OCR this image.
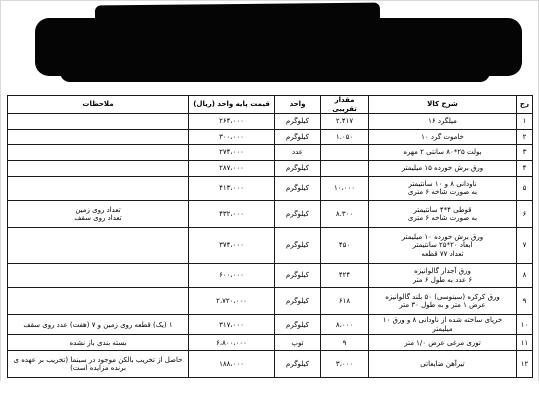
رج	شرح کالا	مقدار تقریبی	واحد	قیمت پایه واحد (ریال)	ملاحظات
۱	میلگرد ۱۶	۲.۴۱۷	کیلوگرم	۲۶۴،۰۰۰	
۲	خاموت گرد ۱۰	۱.۰۵۰	کیلوگرم	۳۰۰،۰۰۰	
۳	بولت ۲۵*۸۰ سانتی ۲ مهره		عدد	۲۷۴،۰۰۰	
۴	ورق برش خورده ۱۵ میلیمتر		کیلوگرم	۲۸۷،۰۰۰	
۵	ناودانی ۸ و ۱۰ سانتیمتر
به صورت شاخه ۶ متری	۱۰،۰۰۰	کیلوگرم	۴۱۳،۰۰۰	
۶	قوطی ۴*۴ سانتیمتر
به صورت شاخه ۶ متری	۸.۳۰۰	کیلوگرم	۴۳۲،۰۰۰	تعداد روی زمین
تعداد روی سقف
۷	ورق برش خورده ۱۰ میلیمتر
ابعاد ۲۰*۲۵ سانتیمتر
تعداد ۷۷ قطعه	۴۵۰	کیلوگرم	۳۷۴،۰۰۰	
۸	ورق آجدار گالوانیزه
۶ عدد به طول ۶ متر	۴۲۴	کیلوگرم	۶۰۰،۰۰۰	
۹	ورق کرکره (سینوسی) ۵۰ بلند گالوانیزه
عرض ۱ متر و به طول ۳۰ متر	۶۱۸	کیلوگرم	۲،۷۲۰،۰۰۰	
۱۰	خرپای ساخته شده از ناودانی ۸ و ورق ۱۰ میلیمتر	۸،۰۰۰	کیلوگرم	۳۱۷،۰۰۰	۱ (یک) قطعه روی زمین و ۷ (هفت) عدد روی سقف
۱۱	توری مرغی عرض ۱/۰ متر	۹	توپ	۶،۸۰۰،۰۰۰	بسته بندی باز نشده
۱۲	تیرآهن ضایعاتی	۳،۰۰۰	کیلوگرم	۱۸۸،۰۰۰	حاصل از تخریب بالکن موجود در سینما (تخریب بر عهده ی برنده مزایده است)
